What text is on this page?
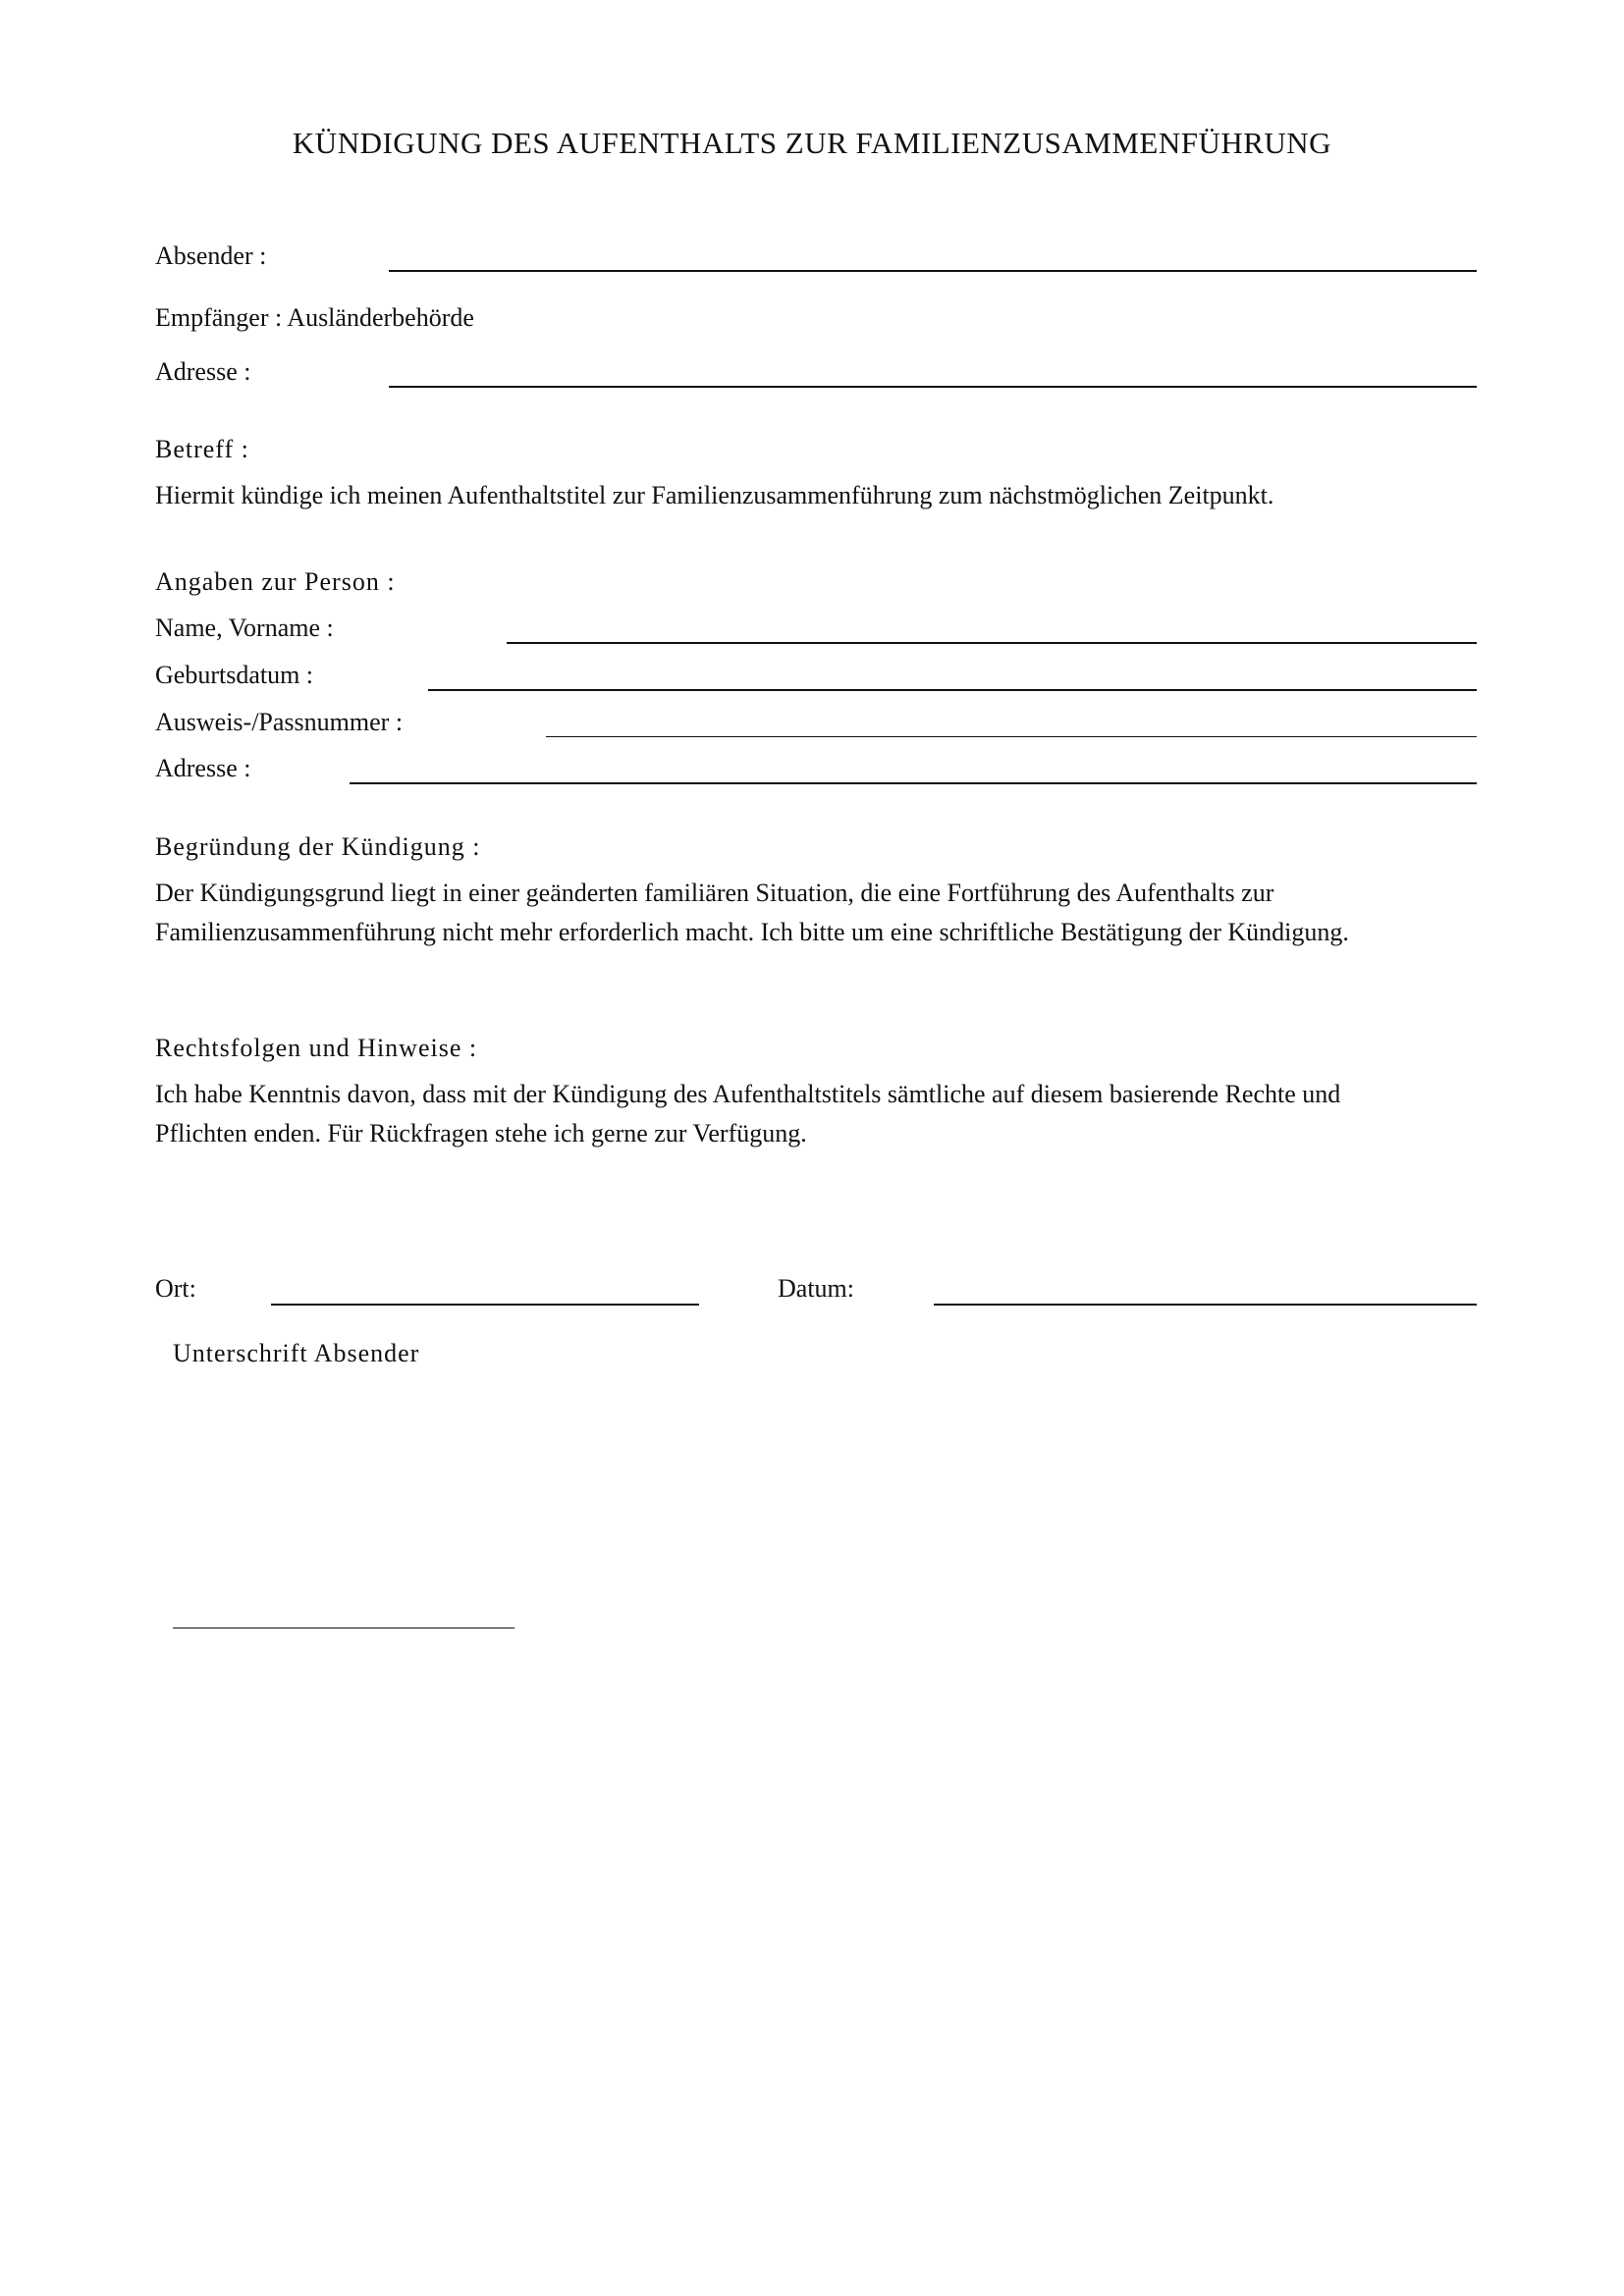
KÜNDIGUNG DES AUFENTHALTS ZUR FAMILIENZUSAMMENFÜHRUNG
Absender :
Empfänger : Ausländerbehörde
Adresse :
Betreff :
Hiermit kündige ich meinen Aufenthaltstitel zur Familienzusammenführung zum nächstmöglichen Zeitpunkt.
Angaben zur Person :
Name, Vorname :
Geburtsdatum :
Ausweis-/Passnummer :
Adresse :
Begründung der Kündigung :
Der Kündigungsgrund liegt in einer geänderten familiären Situation, die eine Fortführung des Aufenthalts zur
Familienzusammenführung nicht mehr erforderlich macht. Ich bitte um eine schriftliche Bestätigung der Kündigung.
Rechtsfolgen und Hinweise :
Ich habe Kenntnis davon, dass mit der Kündigung des Aufenthaltstitels sämtliche auf diesem basierende Rechte und
Pflichten enden. Für Rückfragen stehe ich gerne zur Verfügung.
Ort:	Datum:
Unterschrift Absender
